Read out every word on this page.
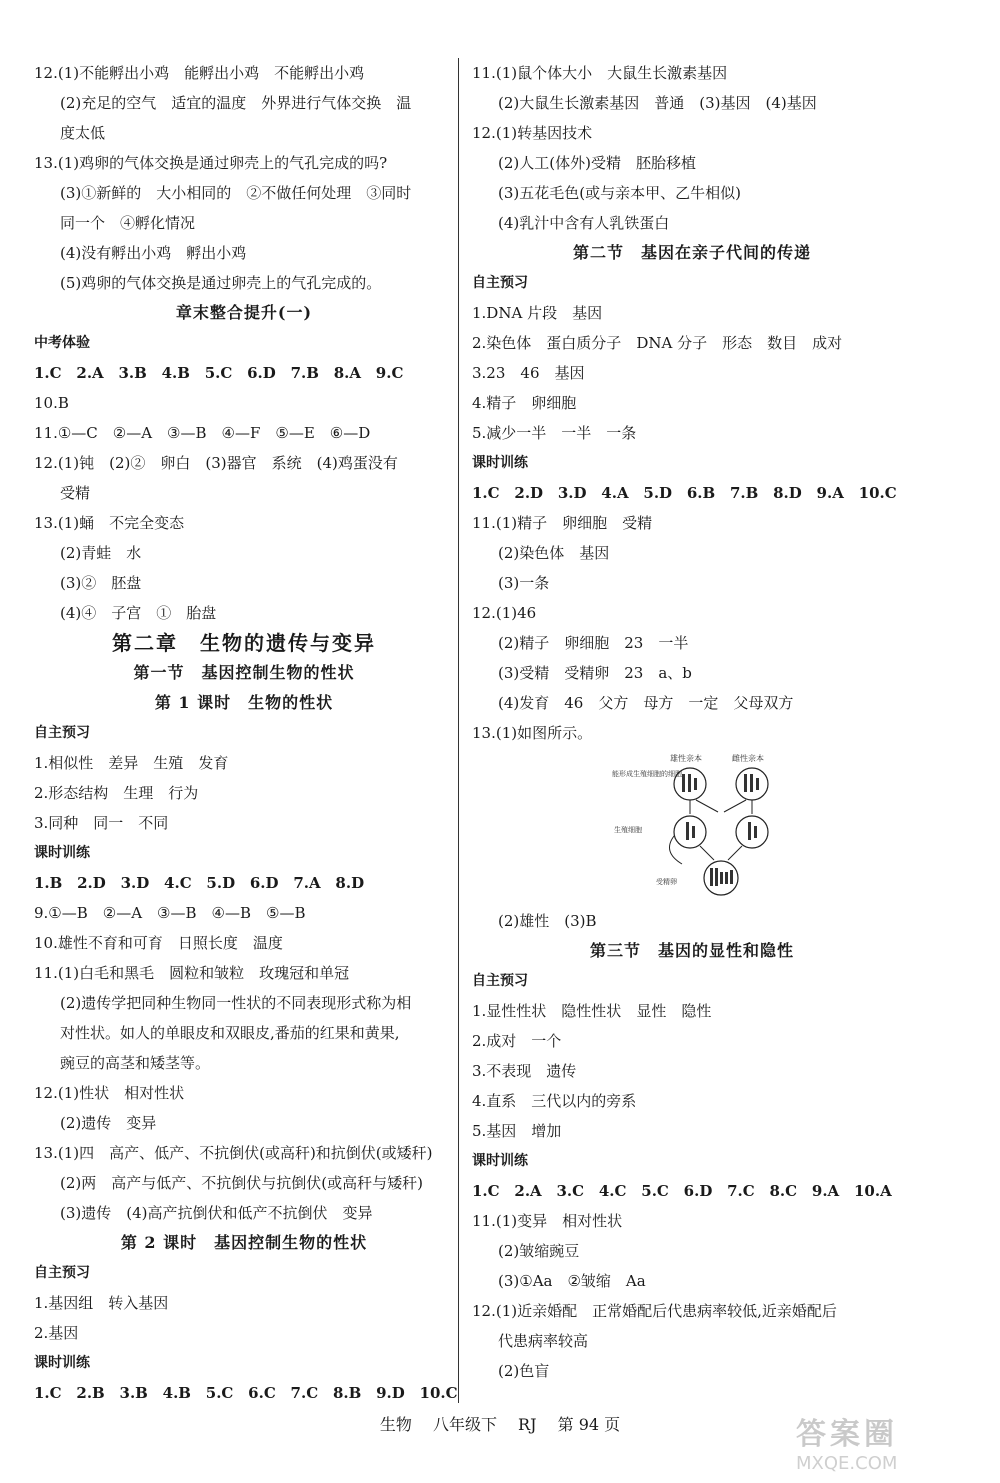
12.(1)不能孵出小鸡　能孵出小鸡　不能孵出小鸡
(2)充足的空气　适宜的温度　外界进行气体交换　温
度太低
13.(1)鸡卵的气体交换是通过卵壳上的气孔完成的吗?
(3)①新鲜的　大小相同的　②不做任何处理　③同时
同一个　④孵化情况
(4)没有孵出小鸡　孵出小鸡
(5)鸡卵的气体交换是通过卵壳上的气孔完成的。
章末整合提升(一)
中考体验
1.C 2.A 3.B 4.B 5.C 6.D 7.B 8.A 9.C
10.B
11.①—C　②—A　③—B　④—F　⑤—E　⑥—D
12.(1)钝　(2)②　卵白　(3)器官　系统　(4)鸡蛋没有
受精
13.(1)蛹　不完全变态
(2)青蛙　水
(3)②　胚盘
(4)④　子宫　①　胎盘
第二章　生物的遗传与变异
第一节　基因控制生物的性状
第 1 课时　生物的性状
自主预习
1.相似性　差异　生殖　发育
2.形态结构　生理　行为
3.同种　同一　不同
课时训练
1.B 2.D 3.D 4.C 5.D 6.D 7.A 8.D
9.①—B　②—A　③—B　④—B　⑤—B
10.雄性不育和可育　日照长度　温度
11.(1)白毛和黑毛　圆粒和皱粒　玫瑰冠和单冠
(2)遗传学把同种生物同一性状的不同表现形式称为相
对性状。如人的单眼皮和双眼皮,番茄的红果和黄果,
豌豆的高茎和矮茎等。
12.(1)性状　相对性状
(2)遗传　变异
13.(1)四　高产、低产、不抗倒伏(或高秆)和抗倒伏(或矮秆)
(2)两　高产与低产、不抗倒伏与抗倒伏(或高秆与矮秆)
(3)遗传　(4)高产抗倒伏和低产不抗倒伏　变异
第 2 课时　基因控制生物的性状
自主预习
1.基因组　转入基因
2.基因
课时训练
1.C 2.B 3.B 4.B 5.C 6.C 7.C 8.B 9.D 10.C
11.(1)鼠个体大小　大鼠生长激素基因
(2)大鼠生长激素基因　普通　(3)基因　(4)基因
12.(1)转基因技术
(2)人工(体外)受精　胚胎移植
(3)五花毛色(或与亲本甲、乙牛相似)
(4)乳汁中含有人乳铁蛋白
第二节　基因在亲子代间的传递
自主预习
1.DNA 片段　基因
2.染色体　蛋白质分子　DNA 分子　形态　数目　成对
3.23　46　基因
4.精子　卵细胞
5.减少一半　一半　一条
课时训练
1.C 2.D 3.D 4.A 5.D 6.B 7.B 8.D 9.A 10.C
11.(1)精子　卵细胞　受精
(2)染色体　基因
(3)一条
12.(1)46
(2)精子　卵细胞　23　一半
(3)受精　受精卵　23　a、b
(4)发育　46　父方　母方　一定　父母双方
13.(1)如图所示。
雄性亲本	雌性亲本
能形成生殖细胞的细胞
生殖细胞
受精卵
(2)雄性　(3)B
第三节　基因的显性和隐性
自主预习
1.显性性状　隐性性状　显性　隐性
2.成对　一个
3.不表现　遗传
4.直系　三代以内的旁系
5.基因　增加
课时训练
1.C 2.A 3.C 4.C 5.C 6.D 7.C 8.C 9.A 10.A
11.(1)变异　相对性状
(2)皱缩豌豆
(3)①Aa　②皱缩　Aa
12.(1)近亲婚配　正常婚配后代患病率较低,近亲婚配后
代患病率较高
(2)色盲
生物 八年级下 RJ 第 94 页	答案圈
MXQE.COM
